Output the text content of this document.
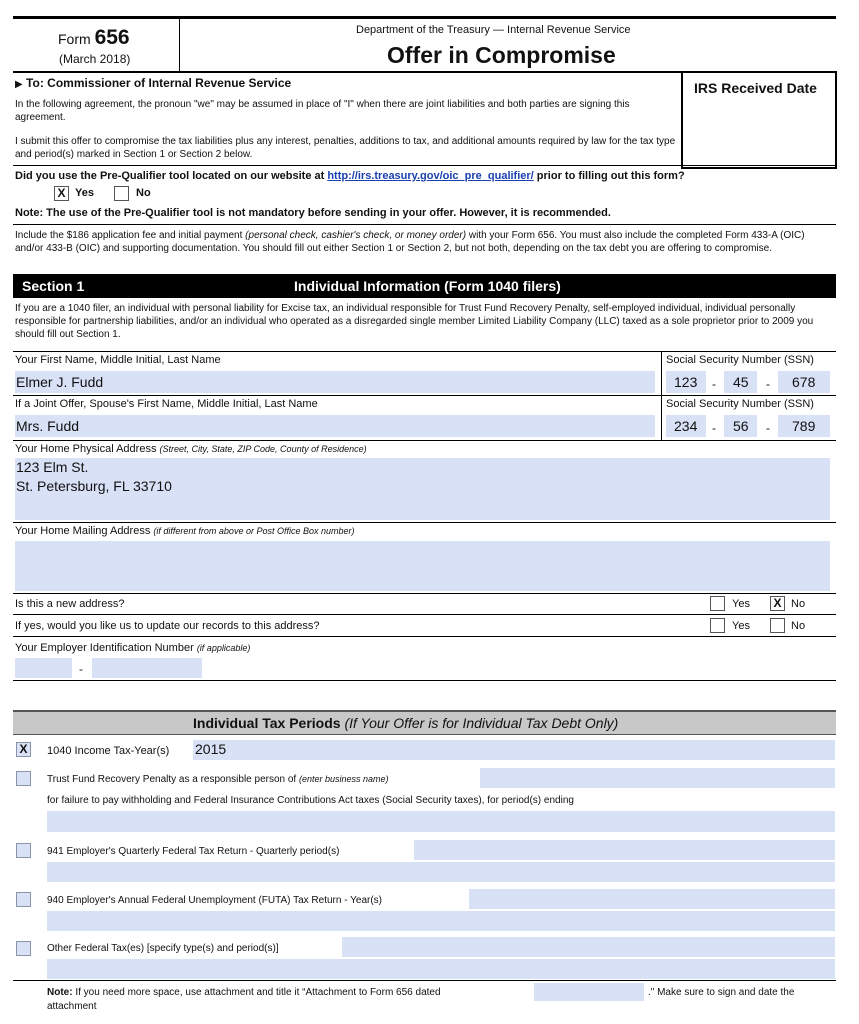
Form 656
(March 2018)
Department of the Treasury — Internal Revenue Service
Offer in Compromise
IRS Received Date
▶ To: Commissioner of Internal Revenue Service
In the following agreement, the pronoun "we" may be assumed in place of "I" when there are joint liabilities and both parties are signing this agreement.
I submit this offer to compromise the tax liabilities plus any interest, penalties, additions to tax, and additional amounts required by law for the tax type and period(s) marked in Section 1 or Section 2 below.
Did you use the Pre-Qualifier tool located on our website at http://irs.treasury.gov/oic_pre_qualifier/ prior to filling out this form?
X Yes	No
Note: The use of the Pre-Qualifier tool is not mandatory before sending in your offer. However, it is recommended.
Include the $186 application fee and initial payment (personal check, cashier's check, or money order) with your Form 656. You must also include the completed Form 433-A (OIC) and/or 433-B (OIC) and supporting documentation. You should fill out either Section 1 or Section 2, but not both, depending on the tax debt you are offering to compromise.
Section 1	Individual Information (Form 1040 filers)
If you are a 1040 filer, an individual with personal liability for Excise tax, an individual responsible for Trust Fund Recovery Penalty, self-employed individual, individual personally responsible for partnership liabilities, and/or an individual who operated as a disregarded single member Limited Liability Company (LLC) taxed as a sole proprietor prior to 2009 you should fill out Section 1.
Your First Name, Middle Initial, Last Name	Social Security Number (SSN)
Elmer J. Fudd	123 - 45 - 678
If a Joint Offer, Spouse's First Name, Middle Initial, Last Name	Social Security Number (SSN)
Mrs. Fudd	234 - 56 - 789
Your Home Physical Address (Street, City, State, ZIP Code, County of Residence)
123 Elm St.
St. Petersburg, FL 33710
Your Home Mailing Address (if different from above or Post Office Box number)
Is this a new address?	Yes X No
If yes, would you like us to update our records to this address?	Yes	No
Your Employer Identification Number (if applicable)
-
Individual Tax Periods (If Your Offer is for Individual Tax Debt Only)
X	1040 Income Tax-Year(s) 2015
Trust Fund Recovery Penalty as a responsible person of (enter business name)
for failure to pay withholding and Federal Insurance Contributions Act taxes (Social Security taxes), for period(s) ending
941 Employer's Quarterly Federal Tax Return - Quarterly period(s)
940 Employer's Annual Federal Unemployment (FUTA) Tax Return - Year(s)
Other Federal Tax(es) [specify type(s) and period(s)]
Note: If you need more space, use attachment and title it “Attachment to Form 656 dated	." Make sure to sign and date the
attachment
